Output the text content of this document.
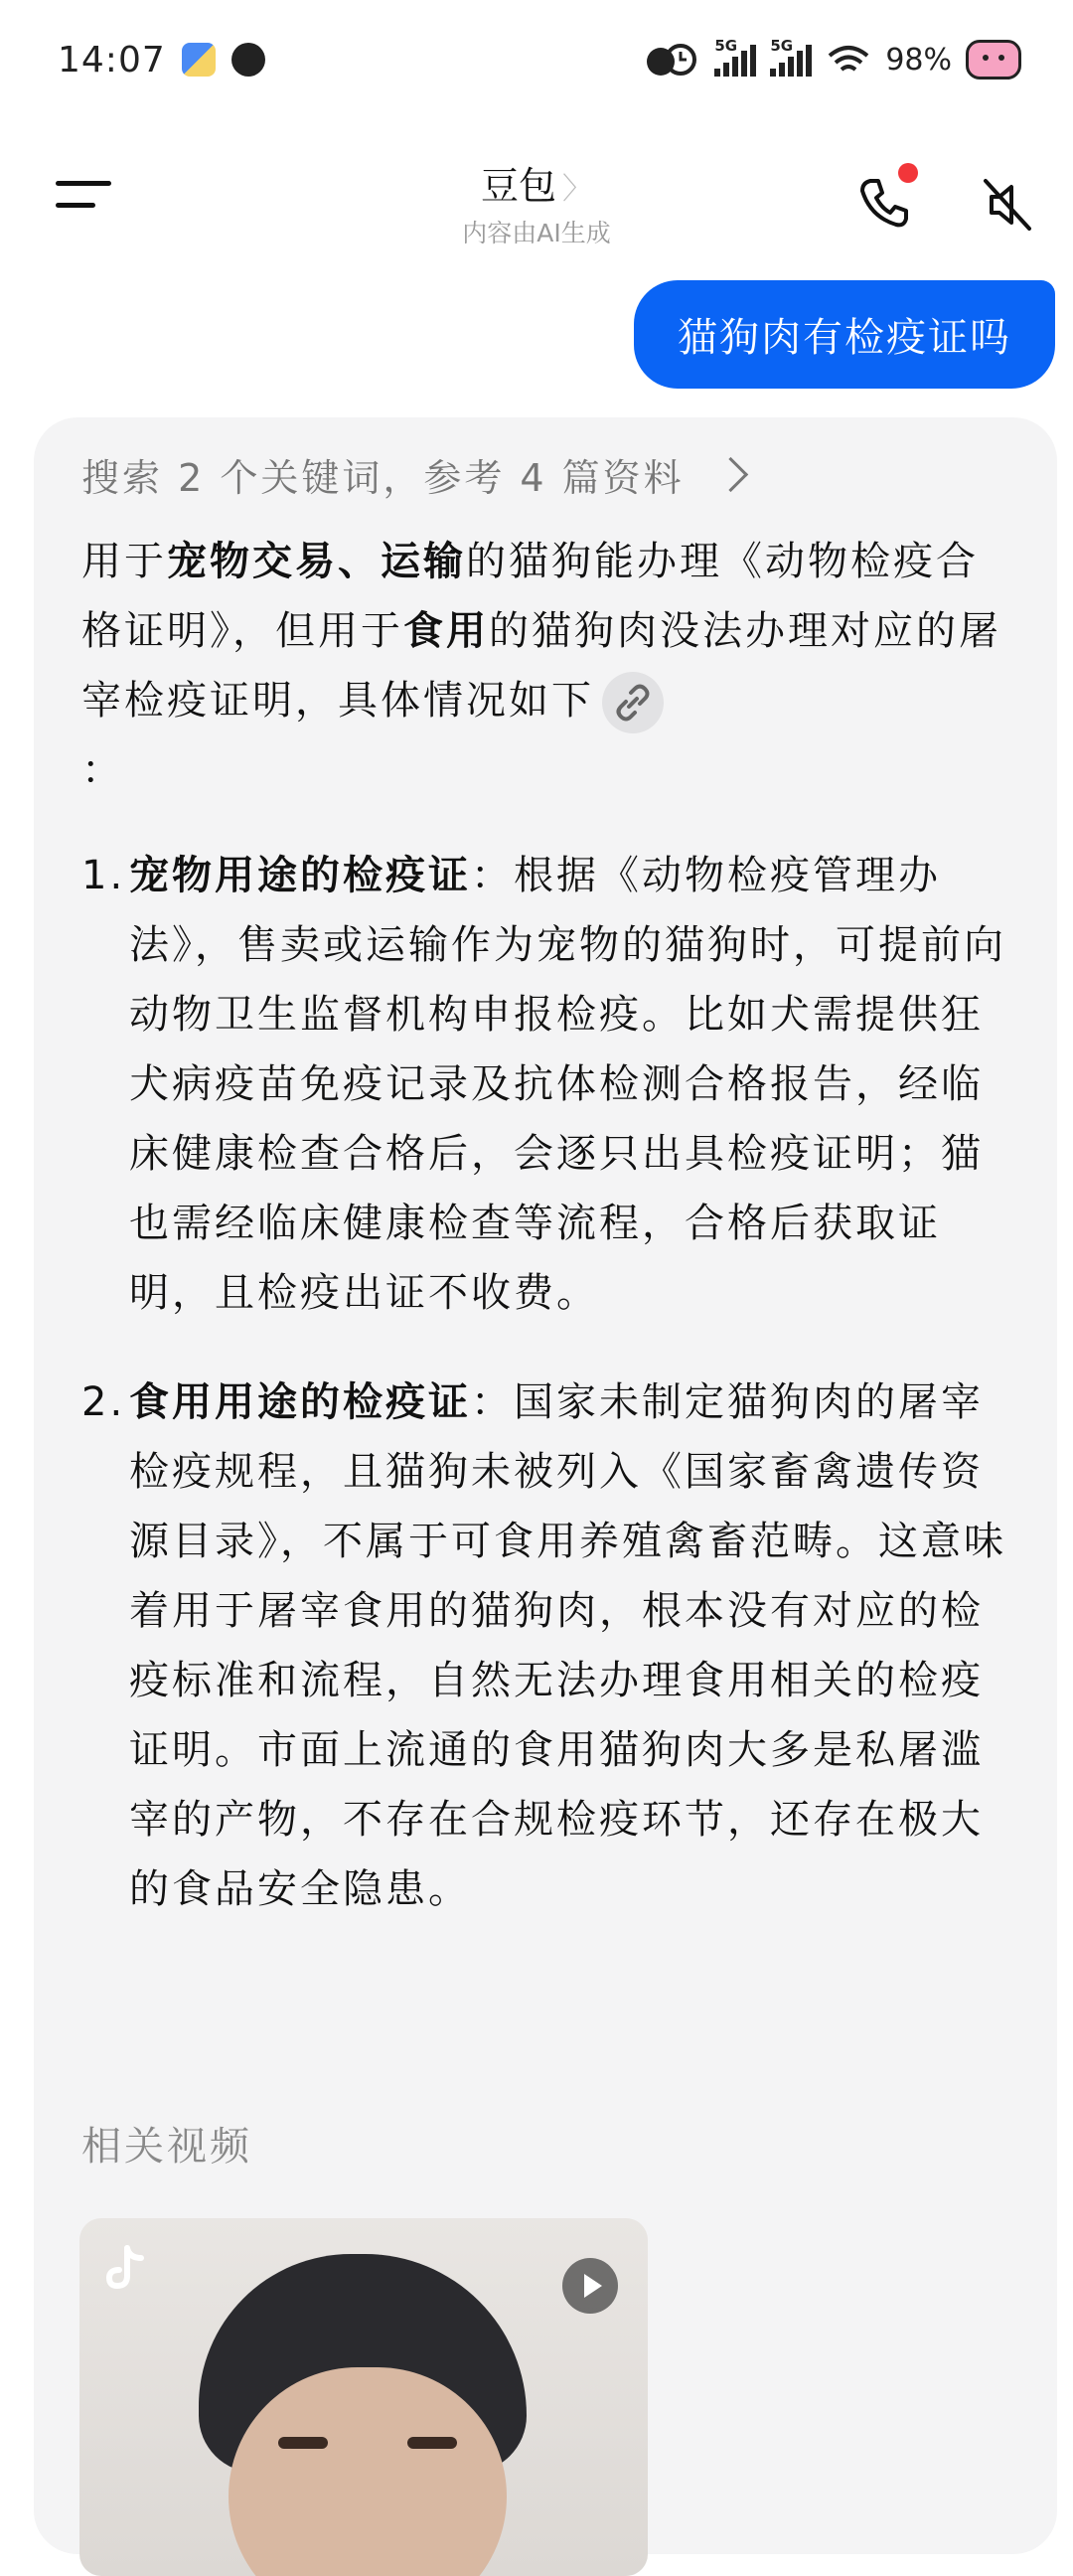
14:07	5G 5G	98%
豆包 〉
内容由AI生成
猫狗肉有检疫证吗
搜索 2 个关键词，参考 4 篇资料
用于宠物交易、运输的猫狗能办理《动物检疫合格证明》，但用于食用的猫狗肉没法办理对应的屠宰检疫证明，具体情况如下
：
1. 宠物用途的检疫证：根据《动物检疫管理办法》，售卖或运输作为宠物的猫狗时，可提前向动物卫生监督机构申报检疫。比如犬需提供狂犬病疫苗免疫记录及抗体检测合格报告，经临床健康检查合格后，会逐只出具检疫证明；猫也需经临床健康检查等流程，合格后获取证明，且检疫出证不收费。
2. 食用用途的检疫证：国家未制定猫狗肉的屠宰检疫规程，且猫狗未被列入《国家畜禽遗传资源目录》，不属于可食用养殖禽畜范畴。这意味着用于屠宰食用的猫狗肉，根本没有对应的检疫标准和流程，自然无法办理食用相关的检疫证明。市面上流通的食用猫狗肉大多是私屠滥宰的产物，不存在合规检疫环节，还存在极大的食品安全隐患。
相关视频
